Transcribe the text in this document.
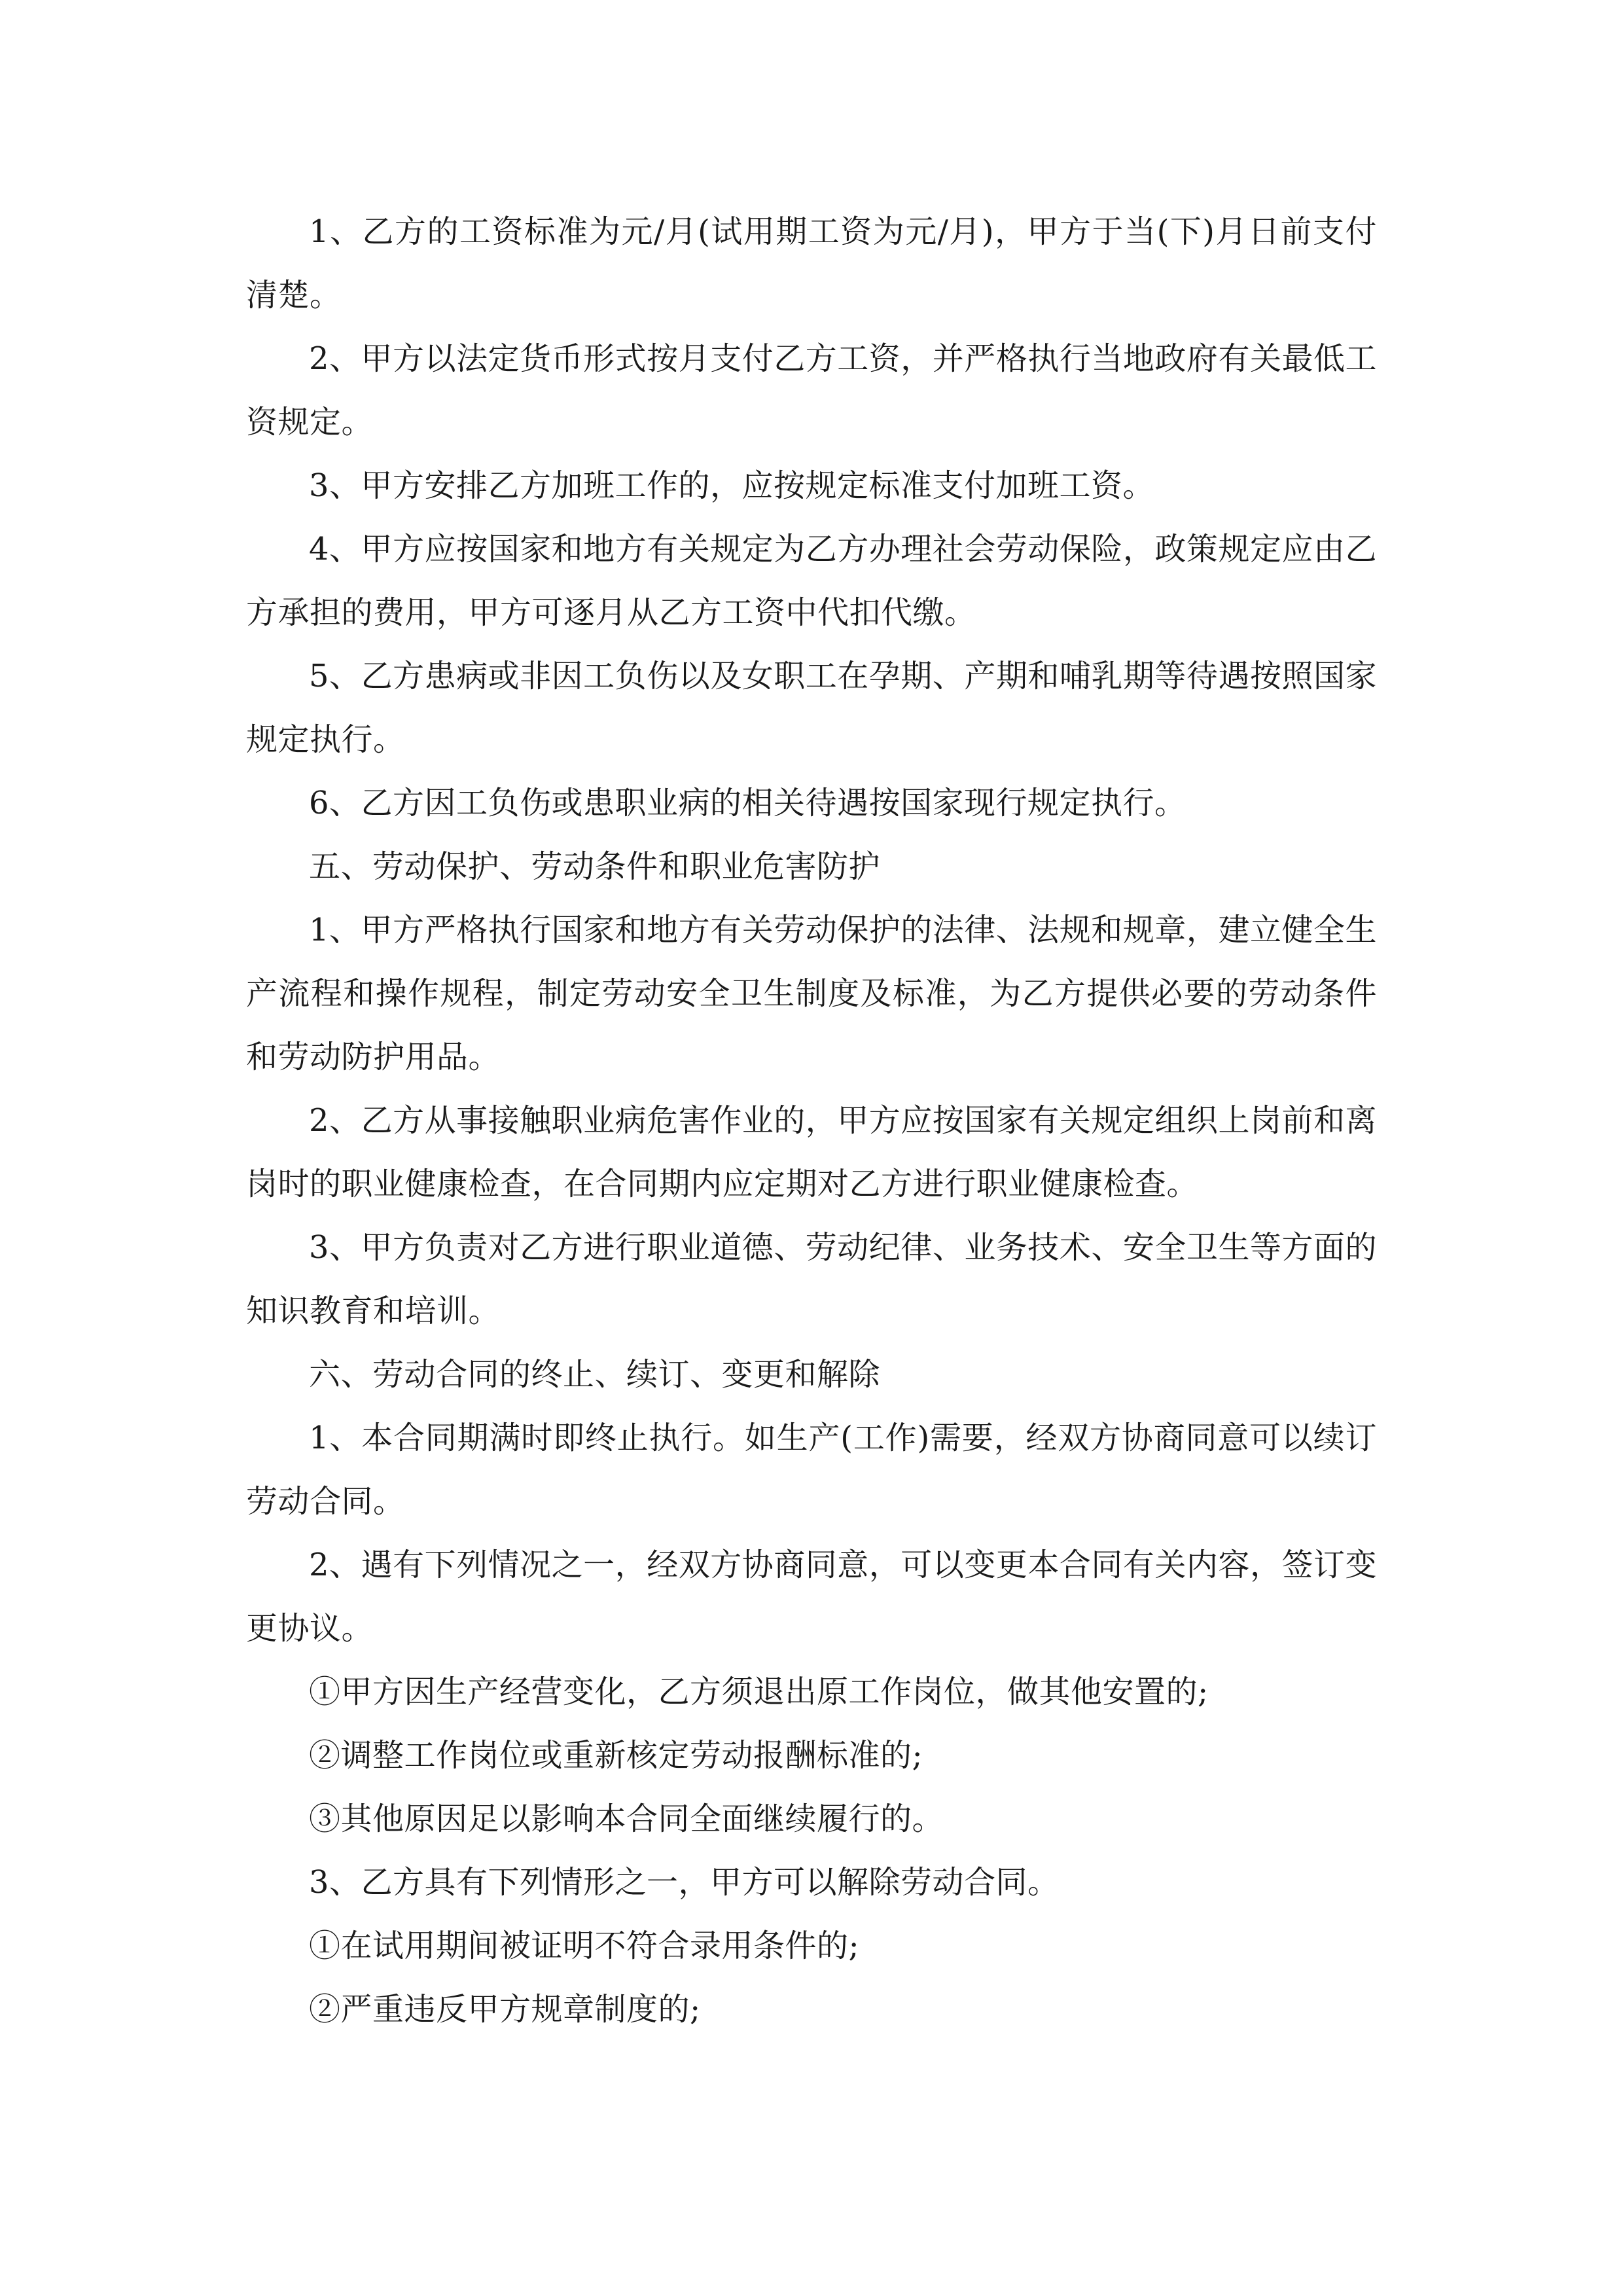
1、乙方的工资标准为元/月(试用期工资为元/月)，甲方于当(下)月日前支付清楚。

2、甲方以法定货币形式按月支付乙方工资，并严格执行当地政府有关最低工资规定。

3、甲方安排乙方加班工作的，应按规定标准支付加班工资。

4、甲方应按国家和地方有关规定为乙方办理社会劳动保险，政策规定应由乙方承担的费用，甲方可逐月从乙方工资中代扣代缴。

5、乙方患病或非因工负伤以及女职工在孕期、产期和哺乳期等待遇按照国家规定执行。

6、乙方因工负伤或患职业病的相关待遇按国家现行规定执行。

五、劳动保护、劳动条件和职业危害防护

1、甲方严格执行国家和地方有关劳动保护的法律、法规和规章，建立健全生产流程和操作规程，制定劳动安全卫生制度及标准，为乙方提供必要的劳动条件和劳动防护用品。

2、乙方从事接触职业病危害作业的，甲方应按国家有关规定组织上岗前和离岗时的职业健康检查，在合同期内应定期对乙方进行职业健康检查。

3、甲方负责对乙方进行职业道德、劳动纪律、业务技术、安全卫生等方面的知识教育和培训。

六、劳动合同的终止、续订、变更和解除

1、本合同期满时即终止执行。如生产(工作)需要，经双方协商同意可以续订劳动合同。

2、遇有下列情况之一，经双方协商同意，可以变更本合同有关内容，签订变更协议。

①甲方因生产经营变化，乙方须退出原工作岗位，做其他安置的;

②调整工作岗位或重新核定劳动报酬标准的;

③其他原因足以影响本合同全面继续履行的。

3、乙方具有下列情形之一，甲方可以解除劳动合同。

①在试用期间被证明不符合录用条件的;

②严重违反甲方规章制度的;
